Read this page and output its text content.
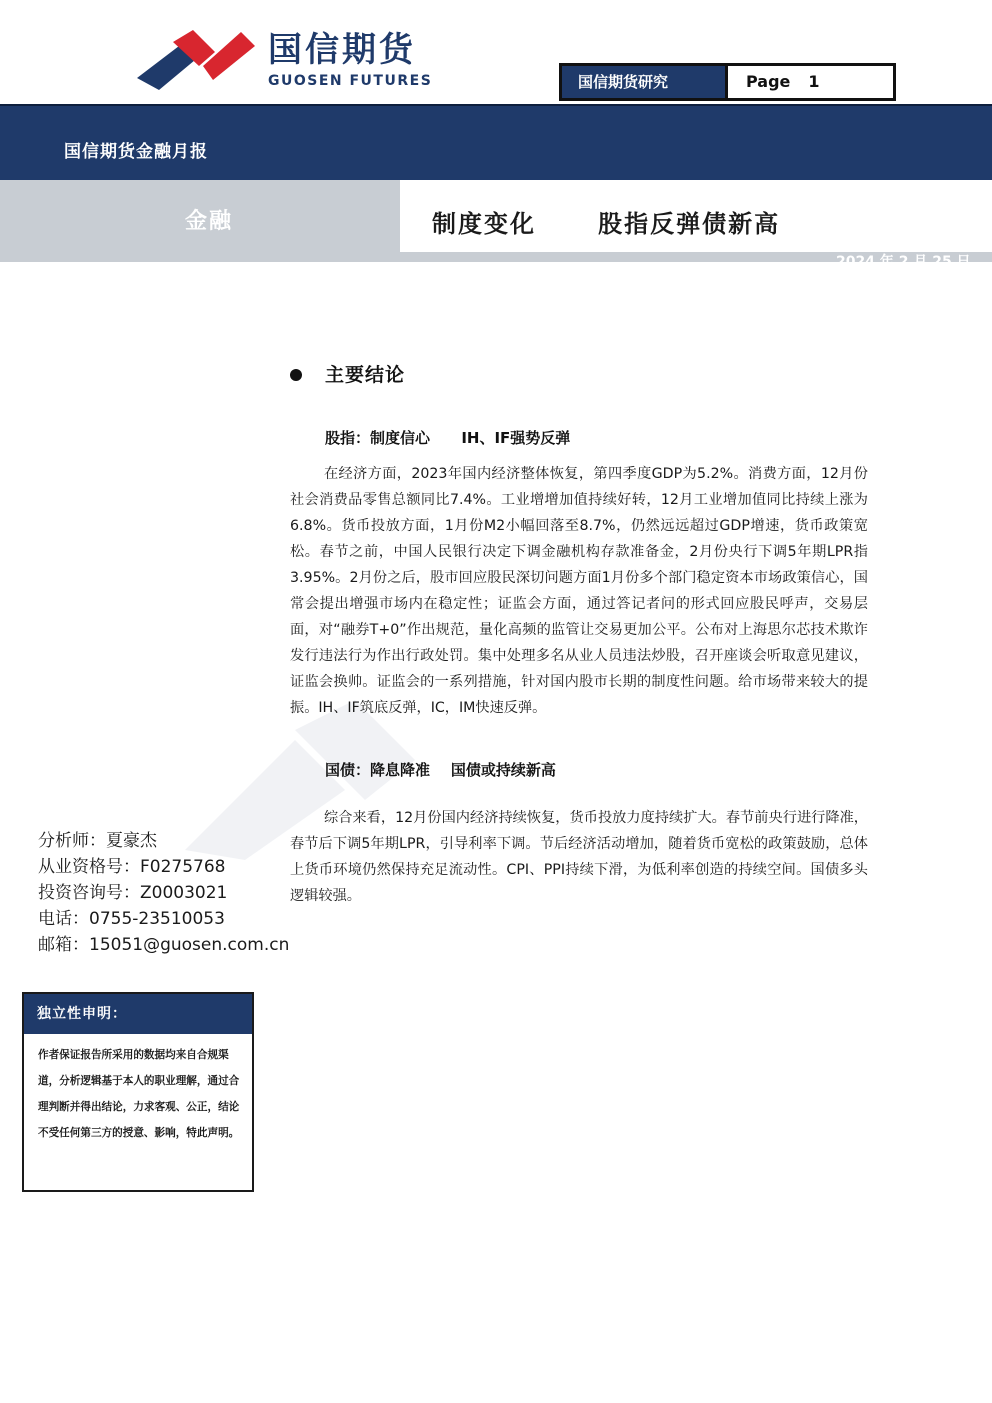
国信期货
GUOSEN FUTURES	国信期货研究	Page 1
国信期货金融月报
金融	制度变化      股指反弹债新高
2024 年 2 月 25 日
主要结论
股指：制度信心      IH、IF强势反弹
在经济方面，2023年国内经济整体恢复，第四季度GDP为5.2%。消费方面，12月份社会消费品零售总额同比7.4%。工业增增加值持续好转，12月工业增加值同比持续上涨为6.8%。货币投放方面，1月份M2小幅回落至8.7%，仍然远远超过GDP增速，货币政策宽松。春节之前，中国人民银行决定下调金融机构存款准备金，2月份央行下调5年期LPR指3.95%。2月份之后，股市回应股民深切问题方面1月份多个部门稳定资本市场政策信心，国常会提出增强市场内在稳定性；证监会方面，通过答记者问的形式回应股民呼声，交易层面，对“融券T+0”作出规范，量化高频的监管让交易更加公平。公布对上海思尔芯技术欺诈发行违法行为作出行政处罚。集中处理多名从业人员违法炒股，召开座谈会听取意见建议，证监会换帅。证监会的一系列措施，针对国内股市长期的制度性问题。给市场带来较大的提振。IH、IF筑底反弹，IC，IM快速反弹。
国债：降息降准    国债或持续新高
综合来看，12月份国内经济持续恢复，货币投放力度持续扩大。春节前央行进行降准，春节后下调5年期LPR，引导利率下调。节后经济活动增加，随着货币宽松的政策鼓励，总体上货币环境仍然保持充足流动性。CPI、PPI持续下滑，为低利率创造的持续空间。国债多头逻辑较强。
分析师：夏豪杰
从业资格号：F0275768
投资咨询号：Z0003021
电话：0755-23510053
邮箱：15051@guosen.com.cn
独立性申明：
作者保证报告所采用的数据均来自合规渠道，分析逻辑基于本人的职业理解，通过合理判断并得出结论，力求客观、公正，结论不受任何第三方的授意、影响，特此声明。
